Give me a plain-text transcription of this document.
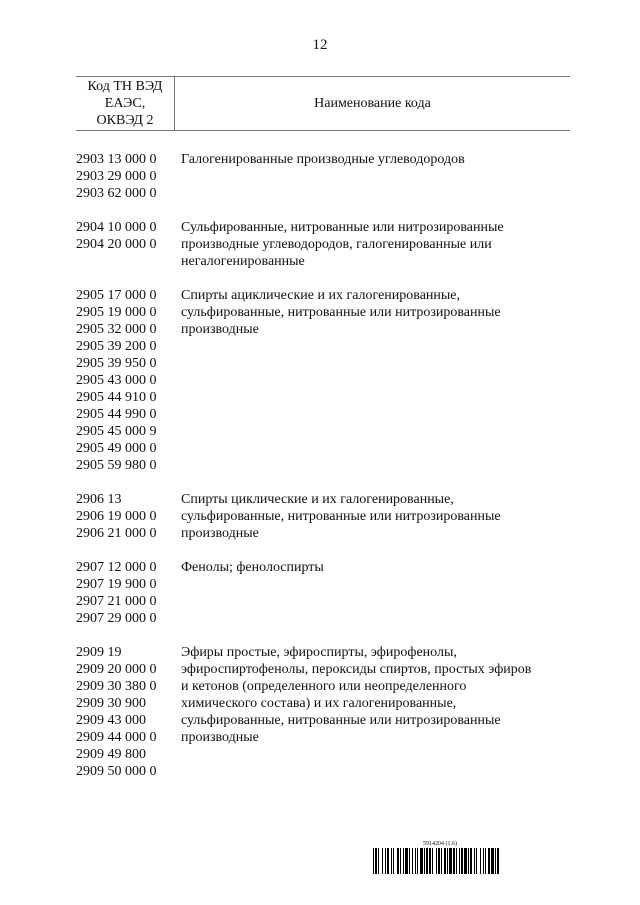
12
Код ТН ВЭД
ЕАЭС,
ОКВЭД 2
Наименование кода
2903 13 000 0
2903 29 000 0
2903 62 000 0
Галогенированные производные углеводородов
2904 10 000 0
2904 20 000 0
Сульфированные, нитрованные или нитрозированные
производные углеводородов, галогенированные или
негалогенированные
2905 17 000 0
2905 19 000 0
2905 32 000 0
2905 39 200 0
2905 39 950 0
2905 43 000 0
2905 44 910 0
2905 44 990 0
2905 45 000 9
2905 49 000 0
2905 59 980 0
Спирты ациклические и их галогенированные,
сульфированные, нитрованные или нитрозированные
производные
2906 13
2906 19 000 0
2906 21 000 0
Спирты циклические и их галогенированные,
сульфированные, нитрованные или нитрозированные
производные
2907 12 000 0
2907 19 900 0
2907 21 000 0
2907 29 000 0
Фенолы; фенолоспирты
2909 19
2909 20 000 0
2909 30 380 0
2909 30 900
2909 43 000
2909 44 000 0
2909 49 800
2909 50 000 0
Эфиры простые, эфироспирты, эфирофенолы,
эфироспиртофенолы, пероксиды спиртов, простых эфиров
и кетонов (определенного или неопределенного
химического состава) и их галогенированные,
сульфированные, нитрованные или нитрозированные
производные
5914204 (1.6)
